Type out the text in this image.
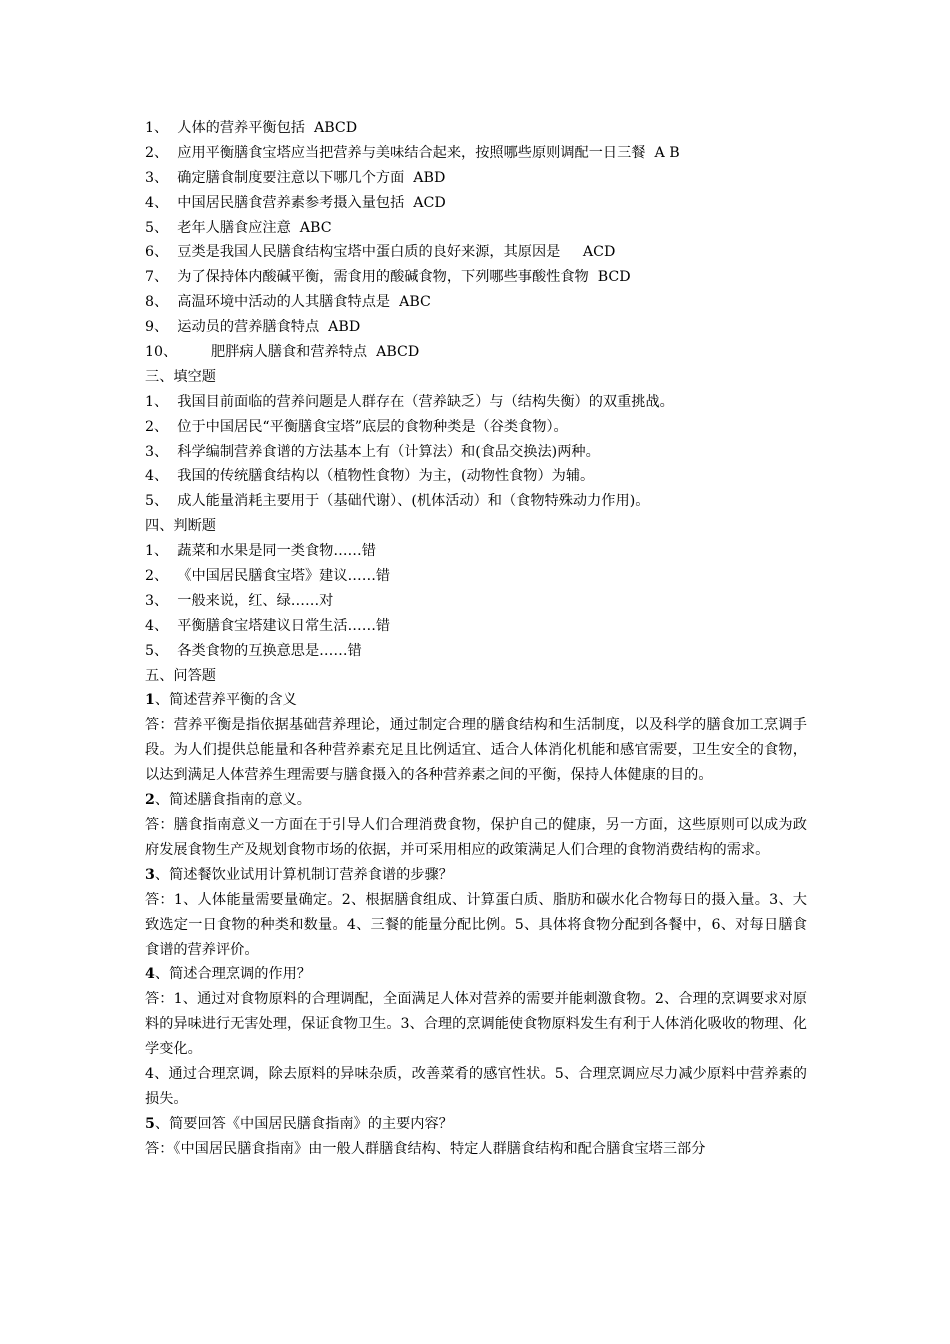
1、 人体的营养平衡包括 ABCD
2、 应用平衡膳食宝塔应当把营养与美味结合起来，按照哪些原则调配一日三餐 A B
3、 确定膳食制度要注意以下哪几个方面 ABD
4、 中国居民膳食营养素参考摄入量包括 ACD
5、 老年人膳食应注意 ABC
6、 豆类是我国人民膳食结构宝塔中蛋白质的良好来源，其原因是 ACD
7、 为了保持体内酸碱平衡，需食用的酸碱食物，下列哪些事酸性食物 BCD
8、 高温环境中活动的人其膳食特点是 ABC
9、 运动员的营养膳食特点 ABD
10、 肥胖病人膳食和营养特点 ABCD
三、填空题
1、 我国目前面临的营养问题是人群存在（营养缺乏）与（结构失衡）的双重挑战。
2、 位于中国居民“平衡膳食宝塔”底层的食物种类是（谷类食物）。
3、 科学编制营养食谱的方法基本上有（计算法）和(食品交换法)两种。
4、 我国的传统膳食结构以（植物性食物）为主，(动物性食物）为辅。
5、 成人能量消耗主要用于（基础代谢）、(机体活动）和（食物特殊动力作用)。
四、判断题
1、 蔬菜和水果是同一类食物……错
2、 《中国居民膳食宝塔》建议……错
3、 一般来说，红、绿……对
4、 平衡膳食宝塔建议日常生活……错
5、 各类食物的互换意思是……错
五、问答题
1、简述营养平衡的含义
答：营养平衡是指依据基础营养理论，通过制定合理的膳食结构和生活制度，以及科学的膳食加工烹调手段。为人们提供总能量和各种营养素充足且比例适宜、适合人体消化机能和感官需要，卫生安全的食物，以达到满足人体营养生理需要与膳食摄入的各种营养素之间的平衡，保持人体健康的目的。
2、简述膳食指南的意义。
答：膳食指南意义一方面在于引导人们合理消费食物，保护自己的健康，另一方面，这些原则可以成为政府发展食物生产及规划食物市场的依据，并可采用相应的政策满足人们合理的食物消费结构的需求。
3、简述餐饮业试用计算机制订营养食谱的步骤？
答：1、人体能量需要量确定。2、根据膳食组成、计算蛋白质、脂肪和碳水化合物每日的摄入量。3、大致选定一日食物的种类和数量。4、三餐的能量分配比例。5、具体将食物分配到各餐中，6、对每日膳食食谱的营养评价。
4、简述合理烹调的作用？
答：1、通过对食物原料的合理调配，全面满足人体对营养的需要并能刺激食物。2、合理的烹调要求对原料的异味进行无害处理，保证食物卫生。3、合理的烹调能使食物原料发生有利于人体消化吸收的物理、化学变化。
4、通过合理烹调，除去原料的异味杂质，改善菜肴的感官性状。5、合理烹调应尽力减少原料中营养素的损失。
5、简要回答《中国居民膳食指南》的主要内容？
答：《中国居民膳食指南》由一般人群膳食结构、特定人群膳食结构和配合膳食宝塔三部分
